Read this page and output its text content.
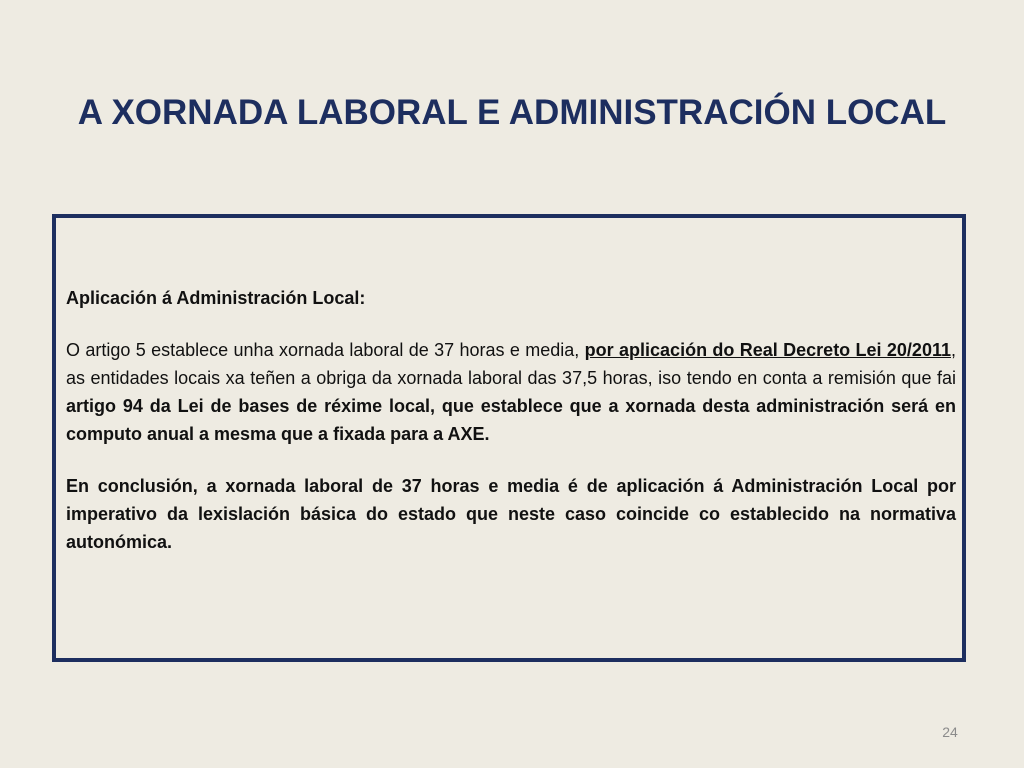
A XORNADA LABORAL E ADMINISTRACIÓN LOCAL

Aplicación á Administración Local:

O artigo 5 establece unha xornada laboral de 37 horas e media, por aplicación do Real Decreto Lei 20/2011, as entidades locais xa teñen a obriga da xornada laboral das 37,5 horas, iso tendo en conta a remisión que fai artigo 94 da Lei de bases de réxime local, que establece que a xornada desta administración será en computo anual a mesma que a fixada para a AXE.

En conclusión, a xornada laboral de 37 horas e media é de aplicación á Administración Local por imperativo da lexislación básica do estado que neste caso coincide co establecido na normativa autonómica.

24
